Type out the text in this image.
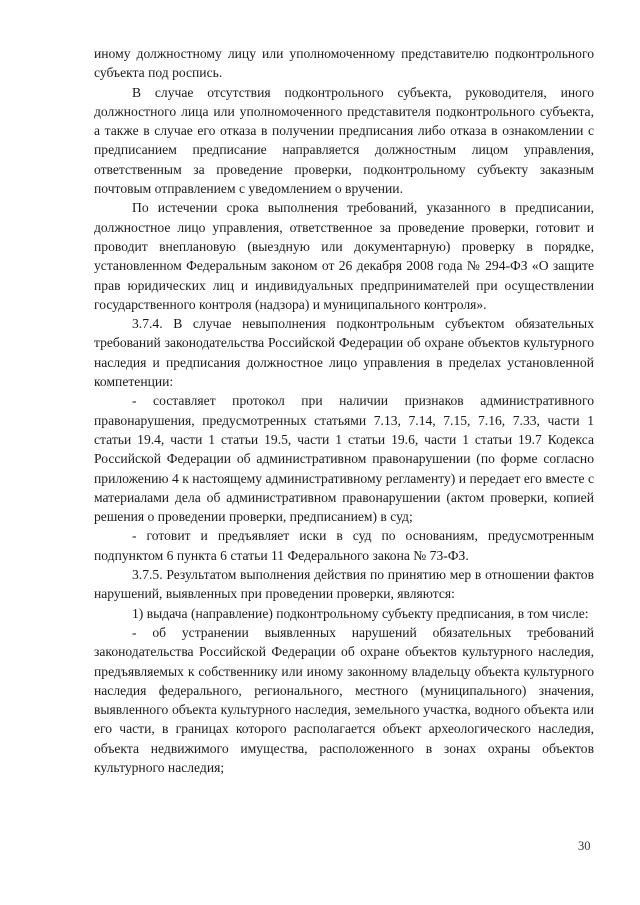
иному должностному лицу или уполномоченному представителю подконтрольного субъекта под роспись.

В случае отсутствия подконтрольного субъекта, руководителя, иного должностного лица или уполномоченного представителя подконтрольного субъекта, а также в случае его отказа в получении предписания либо отказа в ознакомлении с предписанием предписание направляется должностным лицом управления, ответственным за проведение проверки, подконтрольному субъекту заказным почтовым отправлением с уведомлением о вручении.

По истечении срока выполнения требований, указанного в предписании, должностное лицо управления, ответственное за проведение проверки, готовит и проводит внеплановую (выездную или документарную) проверку в порядке, установленном Федеральным законом от 26 декабря 2008 года № 294-ФЗ «О защите прав юридических лиц и индивидуальных предпринимателей при осуществлении государственного контроля (надзора) и муниципального контроля».

3.7.4. В случае невыполнения подконтрольным субъектом обязательных требований законодательства Российской Федерации об охране объектов культурного наследия и предписания должностное лицо управления в пределах установленной компетенции:

- составляет протокол при наличии признаков административного правонарушения, предусмотренных статьями 7.13, 7.14, 7.15, 7.16, 7.33, части 1 статьи 19.4, части 1 статьи 19.5, части 1 статьи 19.6, части 1 статьи 19.7 Кодекса Российской Федерации об административном правонарушении (по форме согласно приложению 4 к настоящему административному регламенту) и передает его вместе с материалами дела об административном правонарушении (актом проверки, копией решения о проведении проверки, предписанием) в суд;

- готовит и предъявляет иски в суд по основаниям, предусмотренным подпунктом 6 пункта 6 статьи 11 Федерального закона № 73-ФЗ.

3.7.5. Результатом выполнения действия по принятию мер в отношении фактов нарушений, выявленных при проведении проверки, являются:

1) выдача (направление) подконтрольному субъекту предписания, в том числе:

- об устранении выявленных нарушений обязательных требований законодательства Российской Федерации об охране объектов культурного наследия, предъявляемых к собственнику или иному законному владельцу объекта культурного наследия федерального, регионального, местного (муниципального) значения, выявленного объекта культурного наследия, земельного участка, водного объекта или его части, в границах которого располагается объект археологического наследия, объекта недвижимого имущества, расположенного в зонах охраны объектов культурного наследия;

30
